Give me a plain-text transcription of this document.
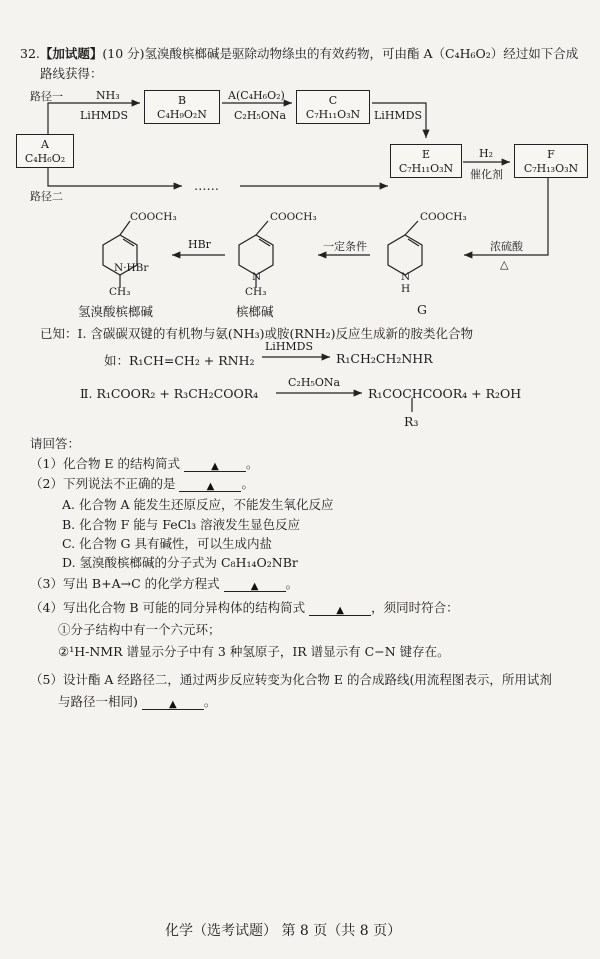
32.【加试题】(10 分)氢溴酸槟榔碱是驱除动物绦虫的有效药物，可由酯 A（C₄H₆O₂）经过如下合成
路线获得：
路径一
路径二
A
C₄H₆O₂
NH₃
LiHMDS
B
C₄H₉O₂N
A(C₄H₆O₂)
C₂H₅ONa
C
C₇H₁₁O₃N	LiHMDS
E
C₇H₁₁O₃N
H₂
催化剂
F
C₇H₁₃O₃N
……
浓硫酸
△
COOCH₃
N
H
G
一定条件
COOCH₃
N
CH₃
槟榔碱
HBr
COOCH₃
N·HBr
CH₃
氢溴酸槟榔碱
已知：Ⅰ. 含碳碳双键的有机物与氨(NH₃)或胺(RNH₂)反应生成新的胺类化合物
如：R₁CH=CH₂ + RNH₂
LiHMDS
R₁CH₂CH₂NHR
Ⅱ. R₁COOR₂ + R₃CH₂COOR₄
C₂H₅ONa
R₁COCHCOOR₄ + R₂OH
R₃
请回答：
（1）化合物 E 的结构简式	▲ 。
（2）下列说法不正确的是	▲ 。
A. 化合物 A 能发生还原反应，不能发生氧化反应
B. 化合物 F 能与 FeCl₃ 溶液发生显色反应
C. 化合物 G 具有碱性，可以生成内盐
D. 氢溴酸槟榔碱的分子式为 C₈H₁₄O₂NBr
（3）写出 B+A→C 的化学方程式	▲ 。
（4）写出化合物 B 可能的同分异构体的结构简式	▲ ，须同时符合：
①分子结构中有一个六元环；
②¹H-NMR 谱显示分子中有 3 种氢原子，IR 谱显示有 C−N 键存在。
（5）设计酯 A 经路径二，通过两步反应转变为化合物 E 的合成路线(用流程图表示，所用试剂
与路径一相同)	▲ 。
化学（选考试题） 第 8 页（共 8 页）
